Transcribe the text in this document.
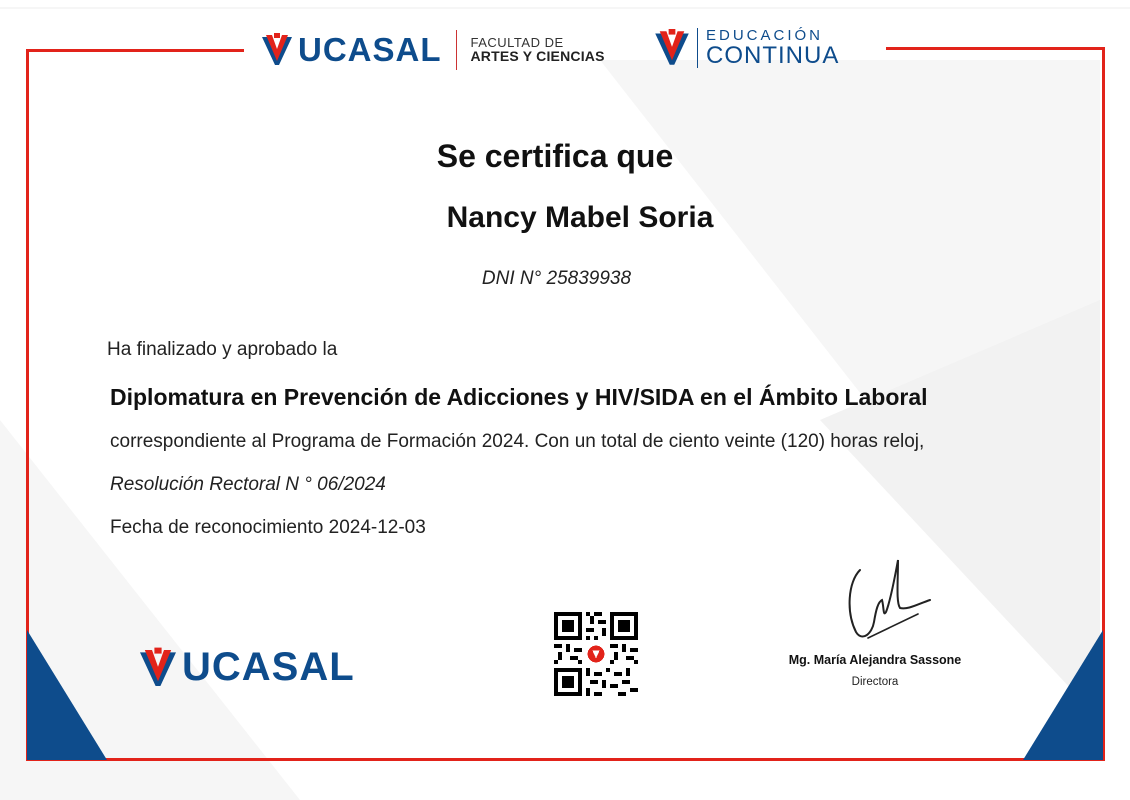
UCASAL FACULTAD DE
ARTES Y CIENCIAS
EDUCACIÓN
CONTINUA
Se certifica que
Nancy Mabel Soria
DNI N° 25839938
Ha finalizado y aprobado la
Diplomatura en Prevención de Adicciones y HIV/SIDA en el Ámbito Laboral
correspondiente al Programa de Formación 2024. Con un total de ciento veinte (120) horas reloj,
Resolución Rectoral N ° 06/2024
Fecha de reconocimiento 2024-12-03
UCASAL	Mg. María Alejandra Sassone
Directora
